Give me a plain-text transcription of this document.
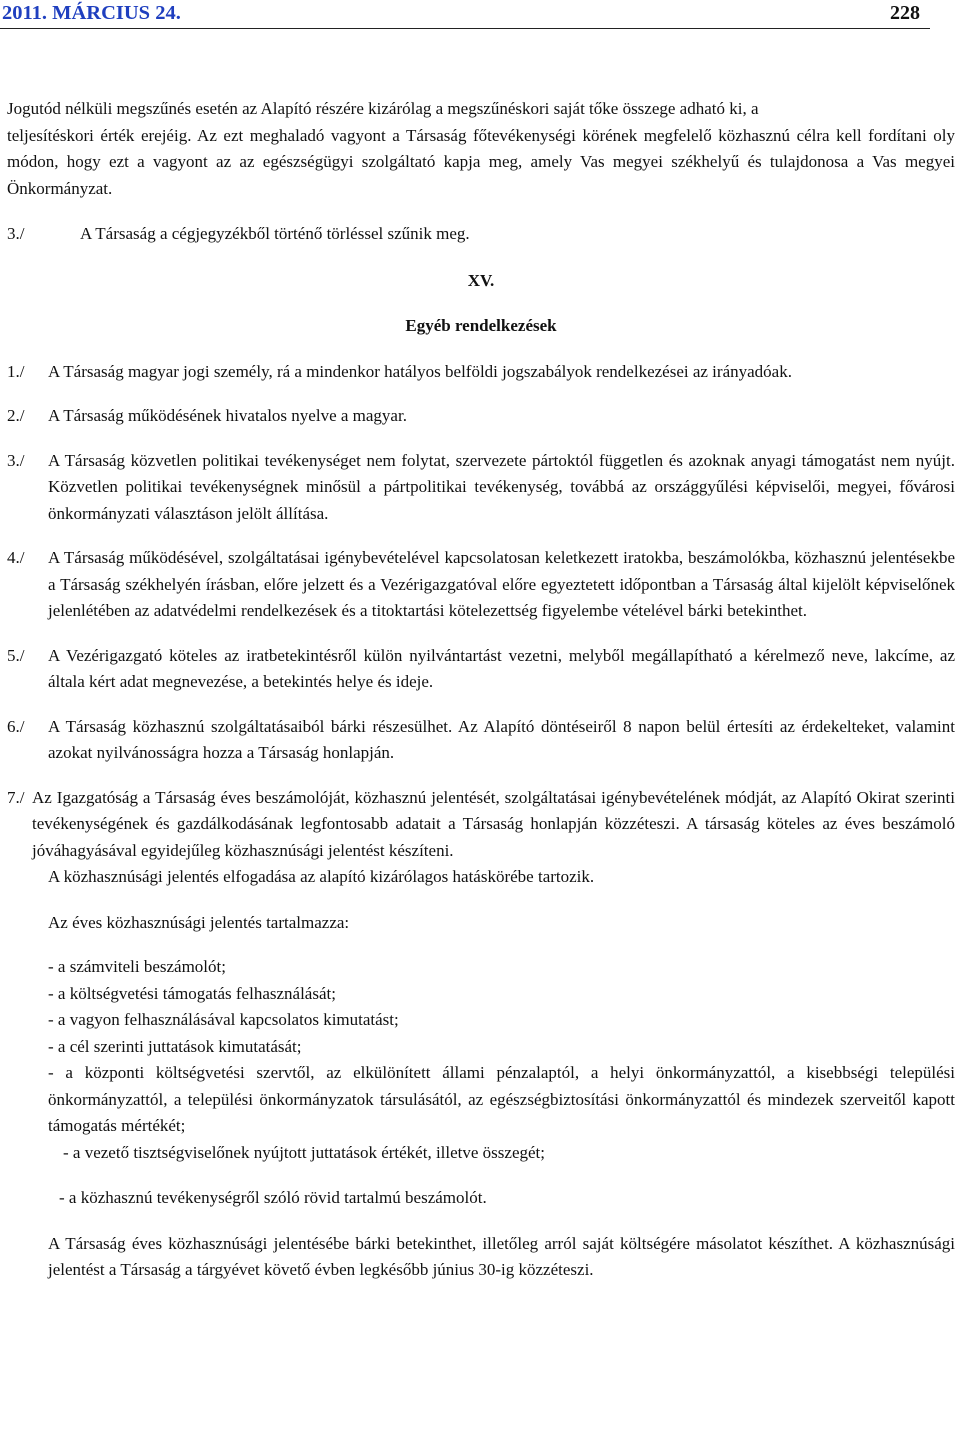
2011. MÁRCIUS 24.	228

Jogutód nélküli megszűnés esetén az Alapító részére kizárólag a megszűnéskori saját tőke összege adható ki, a

teljesítéskori érték erejéig. Az ezt meghaladó vagyont a Társaság főtevékenységi körének megfelelő közhasznú célra kell fordítani oly módon, hogy ezt a vagyont az az egészségügyi szolgáltató kapja meg, amely Vas megyei székhelyű és tulajdonosa a Vas megyei Önkormányzat.

3./	A Társaság a cégjegyzékből történő törléssel szűnik meg.

XV.

Egyéb rendelkezések

1./	A Társaság magyar jogi személy, rá a mindenkor hatályos belföldi jogszabályok rendelkezései az irányadóak.
2./	A Társaság működésének hivatalos nyelve a magyar.
3./	A Társaság közvetlen politikai tevékenységet nem folytat, szervezete pártoktól független és azoknak anyagi támogatást nem nyújt. Közvetlen politikai tevékenységnek minősül a pártpolitikai tevékenység, továbbá az országgyűlési képviselői, megyei, fővárosi önkormányzati választáson jelölt állítása.
4./	A Társaság működésével, szolgáltatásai igénybevételével kapcsolatosan keletkezett iratokba, beszámolókba, közhasznú jelentésekbe a Társaság székhelyén írásban, előre jelzett és a Vezérigazgatóval előre egyeztetett időpontban a Társaság által kijelölt képviselőnek jelenlétében az adatvédelmi rendelkezések és a titoktartási kötelezettség figyelembe vételével bárki betekinthet.
5./	A Vezérigazgató köteles az iratbetekintésről külön nyilvántartást vezetni, melyből megállapítható a kérelmező neve, lakcíme, az általa kért adat megnevezése, a betekintés helye és ideje.
6./	A Társaság közhasznú szolgáltatásaiból bárki részesülhet. Az Alapító döntéseiről 8 napon belül értesíti az érdekelteket, valamint azokat nyilvánosságra hozza a Társaság honlapján.
7./ Az Igazgatóság a Társaság éves beszámolóját, közhasznú jelentését, szolgáltatásai igénybevételének módját, az Alapító Okirat szerinti tevékenységének és gazdálkodásának legfontosabb adatait a Társaság honlapján közzéteszi. A társaság köteles az éves beszámoló jóváhagyásával egyidejűleg közhasznúsági jelentést készíteni.

A közhasznúsági jelentés elfogadása az alapító kizárólagos hatáskörébe tartozik.

Az éves közhasznúsági jelentés tartalmazza:

- a számviteli beszámolót;

- a költségvetési támogatás felhasználását;

- a vagyon felhasználásával kapcsolatos kimutatást;

- a cél szerinti juttatások kimutatását;

- a központi költségvetési szervtől, az elkülönített állami pénzalaptól, a helyi önkormányzattól, a kisebbségi települési önkormányzattól, a települési önkormányzatok társulásától, az egészségbiztosítási önkormányzattól és mindezek szerveitől kapott támogatás mértékét;

- a vezető tisztségviselőnek nyújtott juttatások értékét, illetve összegét;

- a közhasznú tevékenységről szóló rövid tartalmú beszámolót.

A Társaság éves közhasznúsági jelentésébe bárki betekinthet, illetőleg arról saját költségére másolatot készíthet. A közhasznúsági jelentést a Társaság a tárgyévet követő évben legkésőbb június 30-ig közzéteszi.
